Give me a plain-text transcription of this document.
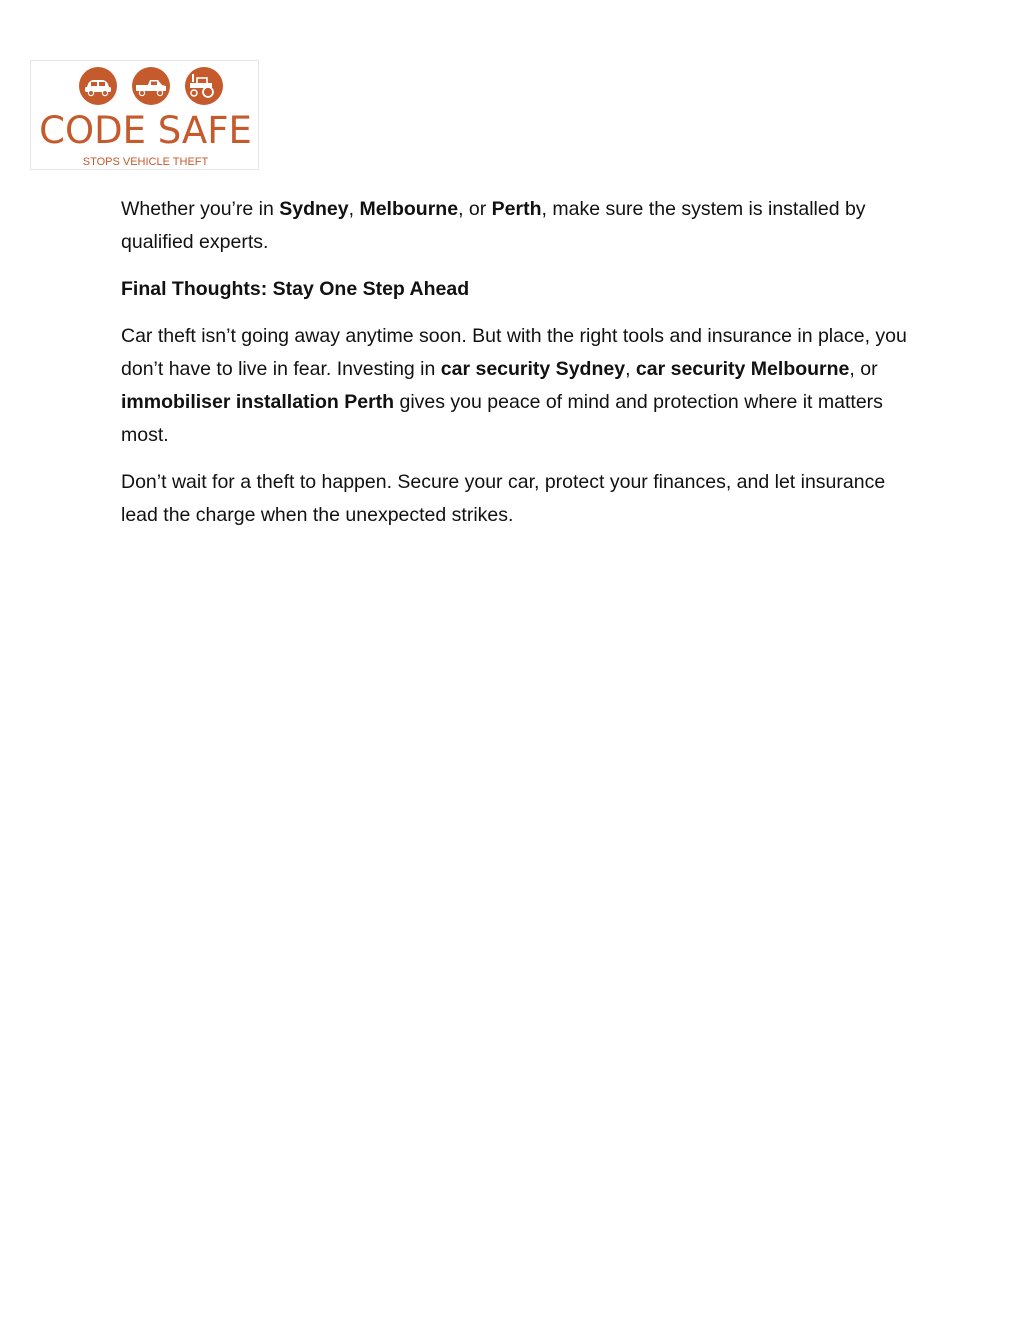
CODE SAFE
STOPS VEHICLE THEFT

Whether you’re in Sydney, Melbourne, or Perth, make sure the system is installed by qualified experts.

Final Thoughts: Stay One Step Ahead

Car theft isn’t going away anytime soon. But with the right tools and insurance in place, you don’t have to live in fear. Investing in car security Sydney, car security Melbourne, or immobiliser installation Perth gives you peace of mind and protection where it matters most.

Don’t wait for a theft to happen. Secure your car, protect your finances, and let insurance lead the charge when the unexpected strikes.
